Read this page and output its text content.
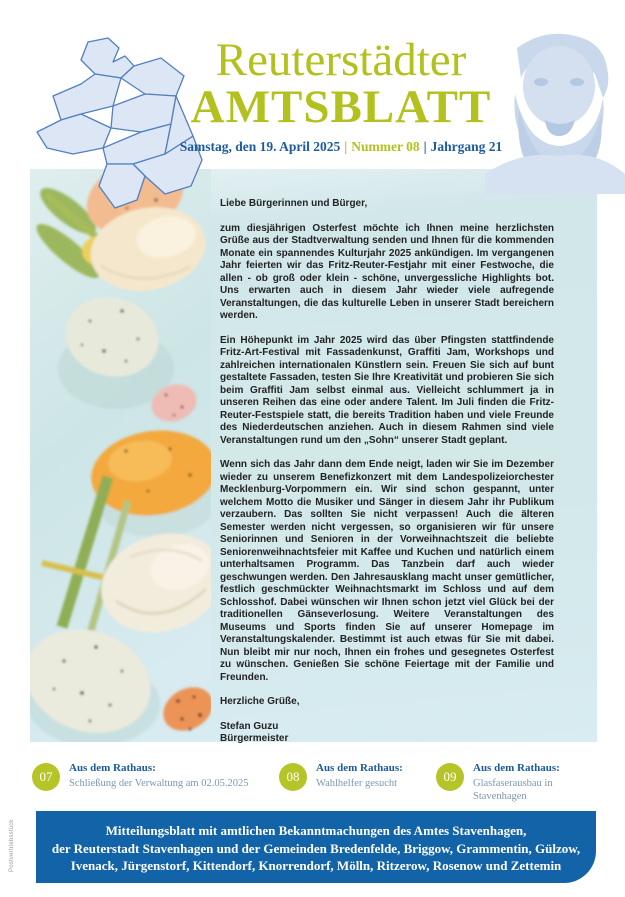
Reuterstädter
AMTSBLATT
Samstag, den 19. April 2025 | Nummer 08 | Jahrgang 21

Liebe Bürgerinnen und Bürger,

zum diesjährigen Osterfest möchte ich Ihnen meine herzlichsten Grüße aus der Stadtverwaltung senden und Ihnen für die kommenden Monate ein spannendes Kulturjahr 2025 ankündigen. Im vergangenen Jahr feierten wir das Fritz-Reuter-Festjahr mit einer Festwoche, die allen - ob groß oder klein - schöne, unvergessliche Highlights bot. Uns erwarten auch in diesem Jahr wieder viele aufregende Veranstaltungen, die das kulturelle Leben in unserer Stadt bereichern werden.

Ein Höhepunkt im Jahr 2025 wird das über Pfingsten stattfindende Fritz-Art-Festival mit Fassadenkunst, Graffiti Jam, Workshops und zahlreichen internationalen Künstlern sein. Freuen Sie sich auf bunt gestaltete Fassaden, testen Sie Ihre Kreativität und probieren Sie sich beim Graffiti Jam selbst einmal aus. Vielleicht schlummert ja in unseren Reihen das eine oder andere Talent. Im Juli finden die Fritz-Reuter-Festspiele statt, die bereits Tradition haben und viele Freunde des Niederdeutschen anziehen. Auch in diesem Rahmen sind viele Veranstaltungen rund um den „Sohn“ unserer Stadt geplant.

Wenn sich das Jahr dann dem Ende neigt, laden wir Sie im Dezember wieder zu unserem Benefizkonzert mit dem Landespolizeiorchester Mecklenburg-Vorpommern ein. Wir sind schon gespannt, unter welchem Motto die Musiker und Sänger in diesem Jahr ihr Publikum verzaubern. Das sollten Sie nicht verpassen! Auch die älteren Semester werden nicht vergessen, so organisieren wir für unsere Seniorinnen und Senioren in der Vorweihnachtszeit die beliebte Seniorenweihnachtsfeier mit Kaffee und Kuchen und natürlich einem unterhaltsamen Programm. Das Tanzbein darf auch wieder geschwungen werden. Den Jahresausklang macht unser gemütlicher, festlich geschmückter Weihnachtsmarkt im Schloss und auf dem Schlosshof. Dabei wünschen wir Ihnen schon jetzt viel Glück bei der traditionellen Gänseverlosung. Weitere Veranstaltungen des Museums und Sports finden Sie auf unserer Homepage im Veranstaltungskalender. Bestimmt ist auch etwas für Sie mit dabei. Nun bleibt mir nur noch, Ihnen ein frohes und gesegnetes Osterfest zu wünschen. Genießen Sie schöne Feiertage mit der Familie und Freunden.

Herzliche Grüße,

Stefan Guzu

Bürgermeister

07
Aus dem Rathaus:
Schließung der Verwaltung am 02.05.2025	08
Aus dem Rathaus:
Wahlhelfer gesucht	09
Aus dem Rathaus:
Glasfaserausbau in Stavenhagen
Mitteilungsblatt mit amtlichen Bekanntmachungen des Amtes Stavenhagen,
der Reuterstadt Stavenhagen und der Gemeinden Bredenfelde, Briggow, Grammentin, Gülzow,
Ivenack, Jürgenstorf, Kittendorf, Knorrendorf, Mölln, Ritzerow, Rosenow und Zettemin
Postvertriebsstück
